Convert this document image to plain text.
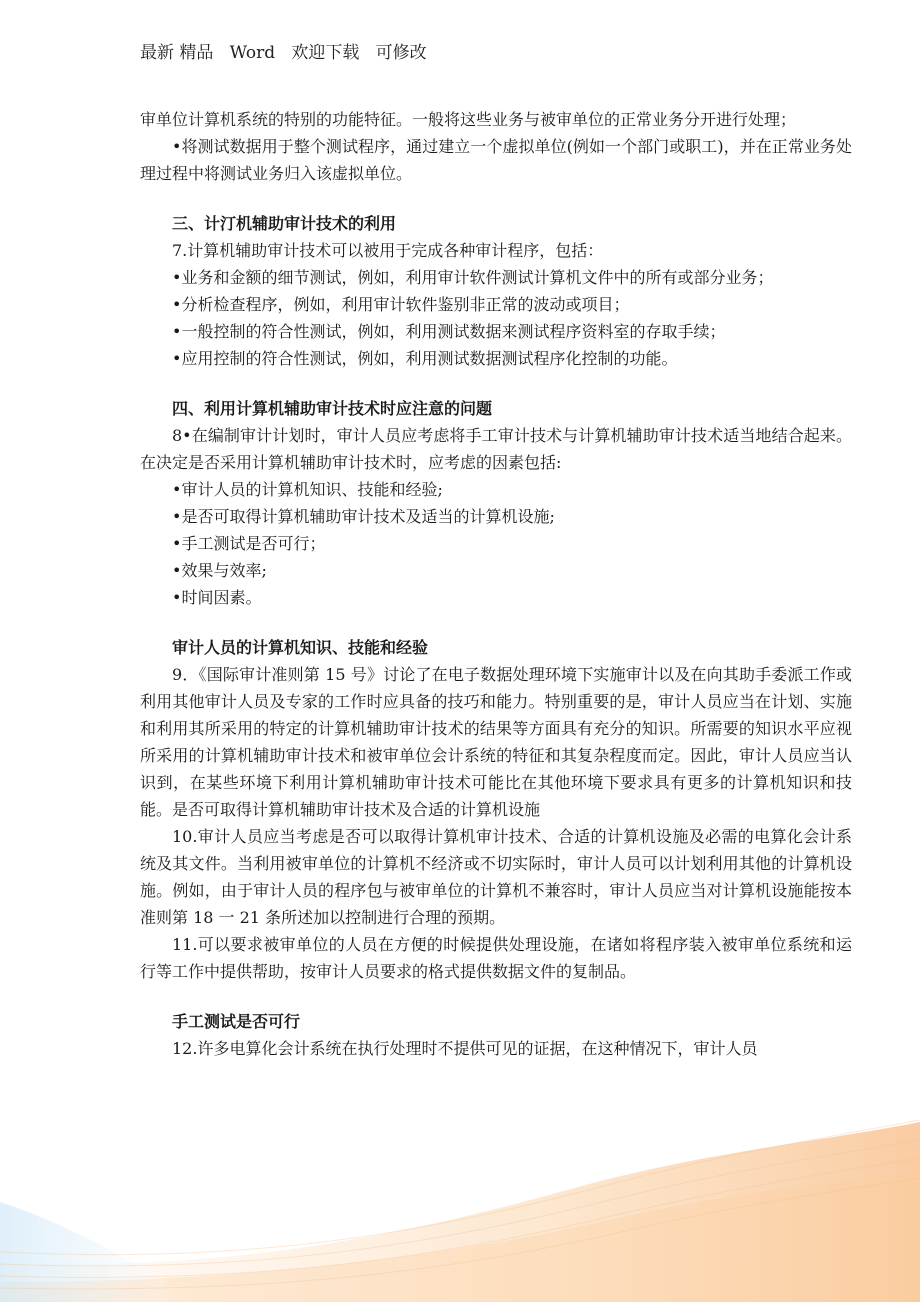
最新 精品   Word   欢迎下载   可修改

审单位计算机系统的特别的功能特征。一般将这些业务与被审单位的正常业务分开进行处理；

•将测试数据用于整个测试程序，通过建立一个虚拟单位(例如一个部门或职工)，并在正常业务处理过程中将测试业务归入该虚拟单位。

三、计汀机辅助审计技术的利用

7.计算机辅助审计技术可以被用于完成各种审计程序，包括：

•业务和金额的细节测试，例如，利用审计软件测试计算机文件中的所有或部分业务；

•分析检查程序，例如，利用审计软件鉴别非正常的波动或项目；

•一般控制的符合性测试，例如，利用测试数据来测试程序资料室的存取手续；

•应用控制的符合性测试，例如，利用测试数据测试程序化控制的功能。

四、利用计算机辅助审计技术时应注意的问题

8•在编制审计计划时，审计人员应考虑将手工审计技术与计算机辅助审计技术适当地结合起来。在决定是否采用计算机辅助审计技术时，应考虑的因素包括:

•审计人员的计算机知识、技能和经验;

•是否可取得计算机辅助审计技术及适当的计算机设施;

•手工测试是否可行；

•效果与效率;

•时间因素。

审计人员的计算机知识、技能和经验

9．《国际审计准则第 15 号》讨论了在电子数据处理环境下实施审计以及在向其助手委派工作或利用其他审计人员及专家的工作时应具备的技巧和能力。特别重要的是，审计人员应当在计划、实施和利用其所采用的特定的计算机辅助审计技术的结果等方面具有充分的知识。所需要的知识水平应视所采用的计算机辅助审计技术和被审单位会计系统的特征和其复杂程度而定。因此，审计人员应当认识到，在某些环境下利用计算机辅助审计技术可能比在其他环境下要求具有更多的计算机知识和技能。是否可取得计算机辅助审计技术及合适的计算机设施

10.审计人员应当考虑是否可以取得计算机审计技术、合适的计算机设施及必需的电算化会计系统及其文件。当利用被审单位的计算机不经济或不切实际时，审计人员可以计划利用其他的计算机设施。例如，由于审计人员的程序包与被审单位的计算机不兼容时，审计人员应当对计算机设施能按本准则第 18 一 21 条所述加以控制进行合理的预期。

11.可以要求被审单位的人员在方便的时候提供处理设施，在诸如将程序装入被审单位系统和运行等工作中提供帮助，按审计人员要求的格式提供数据文件的复制品。

手工测试是否可行

12.许多电算化会计系统在执行处理时不提供可见的证据，在这种情况下，审计人员
